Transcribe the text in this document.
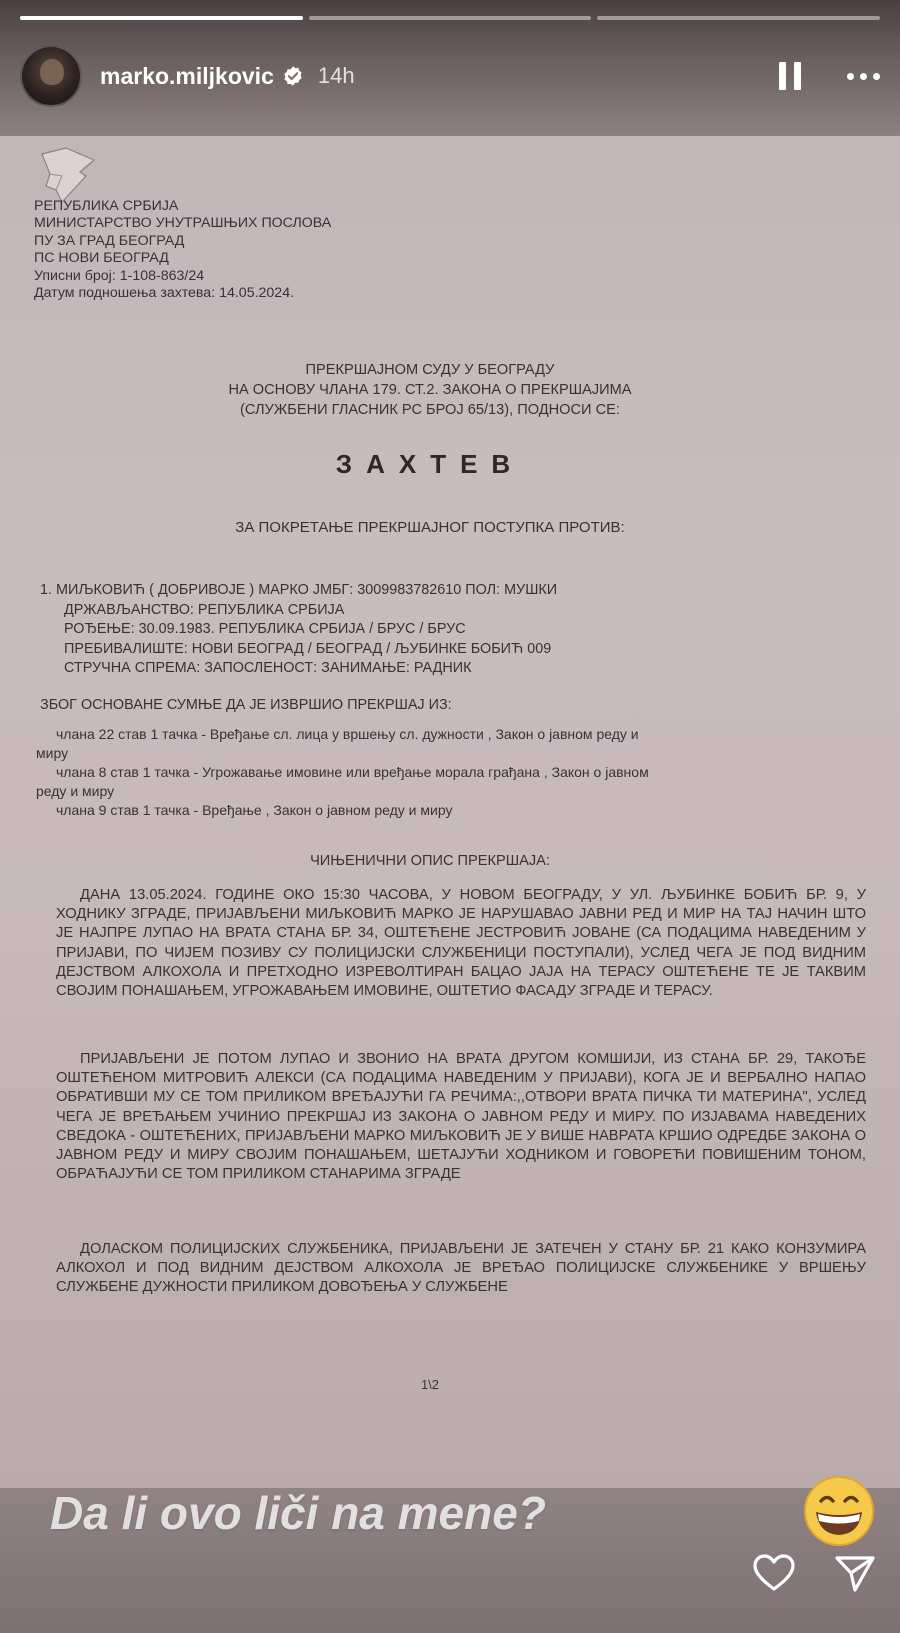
marko.miljkovic 14h
РЕПУБЛИКА СРБИЈА
МИНИСТАРСТВО УНУТРАШЊИХ ПОСЛОВА
ПУ ЗА ГРАД БЕОГРАД
ПС НОВИ БЕОГРАД
Уписни број: 1-108-863/24
Датум подношења захтева: 14.05.2024.
ПРЕКРШАЈНОМ СУДУ У БЕОГРАДУ
НА ОСНОВУ ЧЛАНА 179. СТ.2. ЗАКОНА О ПРЕКРШАЈИМА
(СЛУЖБЕНИ ГЛАСНИК РС БРОЈ 65/13), ПОДНОСИ СЕ:
ЗАХТЕВ
ЗА ПОКРЕТАЊЕ ПРЕКРШАЈНОГ ПОСТУПКА ПРОТИВ:
1. МИЉКОВИЋ ( ДОБРИВОЈЕ ) МАРКО ЈМБГ: 3009983782610 ПОЛ: МУШКИ
ДРЖАВЉАНСТВО: РЕПУБЛИКА СРБИЈА
РОЂЕЊЕ: 30.09.1983. РЕПУБЛИКА СРБИЈА / БРУС / БРУС
ПРЕБИВАЛИШТЕ: НОВИ БЕОГРАД / БЕОГРАД / ЉУБИНКЕ БОБИЋ 009
СТРУЧНА СПРЕМА: ЗАПОСЛЕНОСТ: ЗАНИМАЊЕ: РАДНИК
ЗБОГ ОСНОВАНЕ СУМЊЕ ДА ЈЕ ИЗВРШИО ПРЕКРШАЈ ИЗ:
члана 22 став 1 тачка - Вређање сл. лица у вршењу сл. дужности , Закон о јавном реду и
миру
члана 8 став 1 тачка - Угрожавање имовине или вређање морала грађана , Закон о јавном
реду и миру
члана 9 став 1 тачка - Вређање , Закон о јавном реду и миру
ЧИЊЕНИЧНИ ОПИС ПРЕКРШАЈА:
ДАНА 13.05.2024. ГОДИНЕ ОКО 15:30 ЧАСОВА, У НОВОМ БЕОГРАДУ, У УЛ. ЉУБИНКЕ БОБИЋ БР. 9, У ХОДНИКУ ЗГРАДЕ, ПРИЈАВЉЕНИ МИЉКОВИЋ МАРКО ЈЕ НАРУШАВАО ЈАВНИ РЕД И МИР НА ТАЈ НАЧИН ШТО ЈЕ НАЈПРЕ ЛУПАО НА ВРАТА СТАНА БР. 34, ОШТЕЋЕНЕ ЈЕСТРОВИЋ ЈОВАНЕ (СА ПОДАЦИМА НАВЕДЕНИМ У ПРИЈАВИ, ПО ЧИЈЕМ ПОЗИВУ СУ ПОЛИЦИЈСКИ СЛУЖБЕНИЦИ ПОСТУПАЛИ), УСЛЕД ЧЕГА ЈЕ ПОД ВИДНИМ ДЕЈСТВОМ АЛКОХОЛА И ПРЕТХОДНО ИЗРЕВОЛТИРАН БАЦАО ЈАЈА НА ТЕРАСУ ОШТЕЋЕНЕ ТЕ ЈЕ ТАКВИМ СВОЈИМ ПОНАШАЊЕМ, УГРОЖАВАЊЕМ ИМОВИНЕ, ОШТЕТИО ФАСАДУ ЗГРАДЕ И ТЕРАСУ.
ПРИЈАВЉЕНИ ЈЕ ПОТОМ ЛУПАО И ЗВОНИО НА ВРАТА ДРУГОМ КОМШИЈИ, ИЗ СТАНА БР. 29, ТАКОЂЕ ОШТЕЋЕНОМ МИТРОВИЋ АЛЕКСИ (СА ПОДАЦИМА НАВЕДЕНИМ У ПРИЈАВИ), КОГА ЈЕ И ВЕРБАЛНО НАПАО ОБРАТИВШИ МУ СЕ ТОМ ПРИЛИКОМ ВРЕЂАЈУЋИ ГА РЕЧИМА:,,ОТВОРИ ВРАТА ПИЧКА ТИ МАТЕРИНА", УСЛЕД ЧЕГА ЈЕ ВРЕЂАЊЕМ УЧИНИО ПРЕКРШАЈ ИЗ ЗАКОНА О ЈАВНОМ РЕДУ И МИРУ. ПО ИЗЈАВАМА НАВЕДЕНИХ СВЕДОКА - ОШТЕЋЕНИХ, ПРИЈАВЉЕНИ МАРКО МИЉКОВИЋ ЈЕ У ВИШЕ НАВРАТА КРШИО ОДРЕДБЕ ЗАКОНА О ЈАВНОМ РЕДУ И МИРУ СВОЈИМ ПОНАШАЊЕМ, ШЕТАЈУЋИ ХОДНИКОМ И ГОВОРЕЋИ ПОВИШЕНИМ ТОНОМ, ОБРАЋАЈУЋИ СЕ ТОМ ПРИЛИКОМ СТАНАРИМА ЗГРАДЕ
ДОЛАСКОМ ПОЛИЦИЈСКИХ СЛУЖБЕНИКА, ПРИЈАВЉЕНИ ЈЕ ЗАТЕЧЕН У СТАНУ БР. 21 КАКО КОНЗУМИРА АЛКОХОЛ И ПОД ВИДНИМ ДЕЈСТВОМ АЛКОХОЛА ЈЕ ВРЕЂАО ПОЛИЦИЈСКЕ СЛУЖБЕНИКЕ У ВРШЕЊУ СЛУЖБЕНЕ ДУЖНОСТИ ПРИЛИКОМ ДОВОЂЕЊА У СЛУЖБЕНЕ
1\2
Da li ovo liči na mene?
